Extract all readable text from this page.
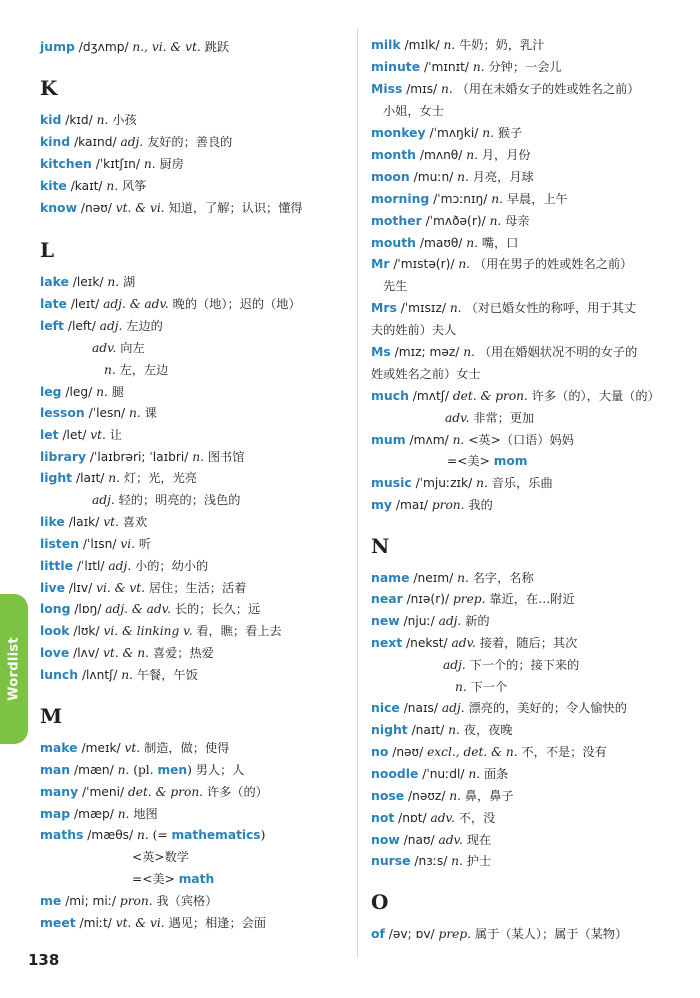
jump /dʒʌmp/ n., vi. & vt. 跳跃
K
kid /kɪd/ n. 小孩
kind /kaɪnd/ adj. 友好的；善良的
kitchen /ˈkɪtʃɪn/ n. 厨房
kite /kaɪt/ n. 风筝
know /nəʊ/ vt. & vi. 知道，了解；认识；懂得
L
lake /leɪk/ n. 湖
late /leɪt/ adj. & adv. 晚的（地）；迟的（地）
left /left/ adj. 左边的
adv. 向左
n. 左，左边
leg /leg/ n. 腿
lesson /ˈlesn/ n. 课
let /let/ vt. 让
library /ˈlaɪbrəri; ˈlaɪbri/ n. 图书馆
light /laɪt/ n. 灯；光，光亮
adj. 轻的；明亮的；浅色的
like /laɪk/ vt. 喜欢
listen /ˈlɪsn/ vi. 听
little /ˈlɪtl/ adj. 小的；幼小的
live /lɪv/ vi. & vt. 居住；生活；活着
long /lɒŋ/ adj. & adv. 长的；长久；远
look /lʊk/ vi. & linking v. 看，瞧；看上去
love /lʌv/ vt. & n. 喜爱；热爱
lunch /lʌntʃ/ n. 午餐，午饭
M
make /meɪk/ vt. 制造，做；使得
man /mæn/ n. (pl. men) 男人；人
many /ˈmeni/ det. & pron. 许多（的）
map /mæp/ n. 地图
maths /mæθs/ n. (= mathematics)
<英>数学
=<美> math
me /mi; miː/ pron. 我（宾格）
meet /miːt/ vt. & vi. 遇见；相逢；会面
milk /mɪlk/ n. 牛奶；奶，乳汁
minute /ˈmɪnɪt/ n. 分钟；一会儿
Miss /mɪs/ n. （用在未婚女子的姓或姓名之前）
小姐，女士
monkey /ˈmʌŋki/ n. 猴子
month /mʌnθ/ n. 月，月份
moon /muːn/ n. 月亮，月球
morning /ˈmɔːnɪŋ/ n. 早晨，上午
mother /ˈmʌðə(r)/ n. 母亲
mouth /maʊθ/ n. 嘴，口
Mr /ˈmɪstə(r)/ n. （用在男子的姓或姓名之前）
先生
Mrs /ˈmɪsɪz/ n. （对已婚女性的称呼，用于其丈
夫的姓前）夫人
Ms /mɪz; məz/ n. （用在婚姻状况不明的女子的
姓或姓名之前）女士
much /mʌtʃ/ det. & pron. 许多（的），大量（的）
adv. 非常；更加
mum /mʌm/ n. <英>（口语）妈妈
=<美> mom
music /ˈmjuːzɪk/ n. 音乐，乐曲
my /maɪ/ pron. 我的
N
name /neɪm/ n. 名字，名称
near /nɪə(r)/ prep. 靠近，在…附近
new /njuː/ adj. 新的
next /nekst/ adv. 接着，随后；其次
adj. 下一个的；接下来的
n. 下一个
nice /naɪs/ adj. 漂亮的，美好的；令人愉快的
night /naɪt/ n. 夜，夜晚
no /nəʊ/ excl., det. & n. 不，不是；没有
noodle /ˈnuːdl/ n. 面条
nose /nəʊz/ n. 鼻，鼻子
not /nɒt/ adv. 不，没
now /naʊ/ adv. 现在
nurse /nɜːs/ n. 护士
O
of /əv; ɒv/ prep. 属于（某人）；属于（某物）
Wordlist
138
